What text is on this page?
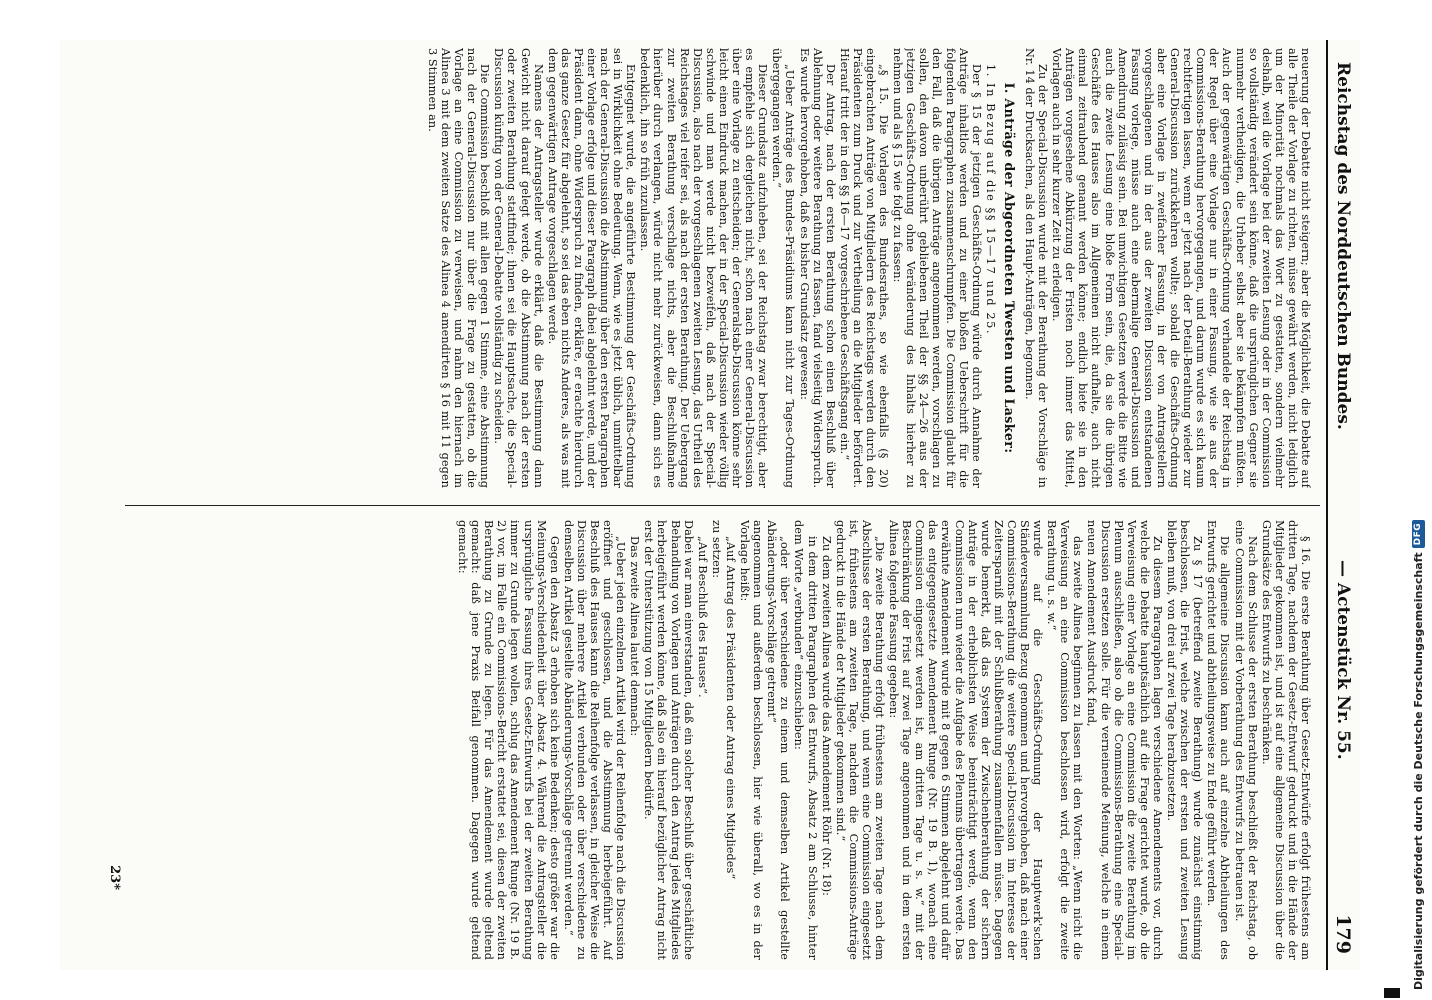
Reichstag des Norddeutschen Bundes.
— Actenstück Nr. 55.
179

neuerung der Debatte nicht steigern; aber die Möglichkeit, die Debatte auf alle Theile der Vorlage zu richten, müsse gewährt werden, nicht lediglich um der Minorität nochmals das Wort zu gestatten, sondern vielmehr deshalb, weil die Vorlage bei der zweiten Lesung oder in der Commission so vollständig verändert sein könne, daß die ursprünglichen Gegner sie nunmehr vertheidigen, die Urheber selbst aber sie bekämpfen müßten. Auch der gegenwärtigen Geschäfts-Ordnung verhandele der Reichstag in der Regel über eine Vorlage nur in einer Fassung, wie sie aus der Commissions-Berathung hervorgegangen, und darum wurde es sich kaum rechtfertigen lassen, wenn er jetzt nach der Detail-Berathung wieder zur General-Discussion zurückkehren wollte; sobald die Geschäfts-Ordnung aber eine Vorlage in zweifacher Fassung, in der von Antragstellern vorgeschlagenen und in der aus der zweiten Discussion entstandenen Fassung vorlege, müsse auch eine abermalige General-Discussion und Amendirung zulässig sein. Bei umwichtigen Gesetzen werde die Bitte wie auch die zweite Lesung eine bloße Form sein, die, da sie die übrigen Geschäfte des Hauses also im Allgemeinen nicht aufhalte, auch nicht einmal zeitraubend genannt werden könne; endlich biete sie in den Anträgen vorgesehene Abkürzung der Fristen noch immer das Mittel, Vorlagen auch in sehr kurzer Zeit zu erledigen.

Zu der Special-Discussion wurde mit der Berathung der Vorschläge in Nr. 14 der Drucksachen, als den Haupt-Anträgen, begonnen.

I. Anträge der Abgeordneten Twesten und Lasker:

1. In Bezug auf die §§ 15—17 und 25.

Der § 15 der jetzigen Geschäfts-Ordnung würde durch Annahme der Anträge inhaltlos werden und zu einer bloßen Ueberschrift für die folgenden Paragraphen zusammenschrumpfen. Die Commission glaubt für den Fall, daß die übrigen Anträge angenommen werden, vorschlagen zu sollen, den davon unberührt gebliebenen Theil der §§ 24—26 aus der jetzigen Geschäfts-Ordnung ohne Veränderung des Inhalts hierher zu nehmen und als § 15 wie folgt zu fassen:

„§ 15. Die Vorlagen des Bundesrathes, so wie ebenfalls (§ 20) eingebrachten Anträge von Mitgliedern des Reichstags werden durch den Präsidenten zum Druck und zur Vertheilung an die Mitglieder befördert. Hierauf tritt der in den §§ 16—17 vorgeschriebene Geschäftsgang ein.“

Der Antrag, nach der ersten Berathung schon einen Beschluß über Ablehnung oder weitere Berathung zu fassen, fand vielseitig Widerspruch. Es wurde hervorgehoben, daß es bisher Grundsatz gewesen:

„Ueber Anträge des Bundes-Präsidiums kann nicht zur Tages-Ordnung übergegangen werden.“

Dieser Grundsatz aufzuheben, sei der Reichstag zwar berechtigt, aber es empfehle sich dergleichen nicht, schon nach einer General-Discussion über eine Vorlage zu entscheiden; der Generalstab-Discussion könne sehr leicht einen Eindruck machen, der in der Special-Discussion wieder völlig schwinde und man werde nicht bezweifeln, daß nach der Special-Discussion, also nach der vorgeschlagenen zweiten Lesung, das Urtheil des Reichstages viel reifer sei, als nach der ersten Berathung. Der Uebergang zur zweiten Berathung verschlage nichts, aber die Beschlußnahme hierüber durch verlangen, würde nicht mehr zurückweisen, dann sich es bedenklich, ihn so früh zuzulassen.

Entgegnet wurde, die angeführte Bestimmung der Geschäfts-Ordnung sei in Wirklichkeit ohne Bedeutung. Wenn, wie es jetzt üblich, unmittelbar nach der General-Discussion die Abstimmung über den ersten Paragraphen einer Vorlage erfolge und dieser Paragraph dabei abgelehnt werde, und der Präsident dann, ohne Widerspruch zu finden, erkläre, er erachte hierdurch das ganze Gesetz für abgelehnt, so sei das eben nichts Anderes, als was mit dem gegenwärtigen Antrage vorgeschlagen werde.

Namens der Antragsteller wurde erklärt, daß die Bestimmung dann Gewicht nicht darauf gelegt werde, ob die Abstimmung nach der ersten oder zweiten Berathung stattfinde; ihnen sei die Hauptsache, die Special-Discussion künftig von der General-Debatte vollständig zu scheiden.

Die Commission beschloß mit allen gegen 1 Stimme, eine Abstimmung nach der General-Discussion nur über die Frage zu gestatten, ob die Vorlage an eine Commission zu verweisen, und nahm den hiernach im Alinea 3 mit dem zweiten Satze des Alinea 4 amendirten § 16 mit 11 gegen 3 Stimmen an.

§ 16. Die erste Berathung über Gesetz-Entwürfe erfolgt frühestens am dritten Tage, nachdem der Gesetz-Entwurf gedruckt und in die Hände der Mitglieder gekommen ist, und ist auf eine allgemeine Discussion über die Grundsätze des Entwurfs zu beschränken.

Nach dem Schlusse der ersten Berathung beschließt der Reichstag, ob eine Commission mit der Vorberathung des Entwurfs zu betrauen ist.

Die allgemeine Discussion kann auch auf einzelne Abtheilungen des Entwurfs gerichtet und abtheilungsweise zu Ende geführt werden.

Zu § 17 (betreffend zweite Berathung) wurde zunächst einstimmig beschlossen, die Frist, welche zwischen der ersten und zweiten Lesung bleiben muß, von drei auf zwei Tage herabzusetzen.

Zu diesem Paragraphen lagen verschiedene Amendements vor, durch welche die Debatte hauptsächlich auf die Frage gerichtet wurde, ob die Verweisung einer Vorlage an eine Commission die zweite Berathung im Plenum ausschließen, also ob die Commissions-Berathung eine Special-Discussion ersetzen solle. Für die verneinende Meinung, welche in einem neuen Amendement Ausdruck fand,

das zweite Alinea beginnen zu lassen mit den Worten: „Wenn nicht die Verweisung an eine Commission beschlossen wird, erfolgt die zweite Berathung u. s. w.“

wurde auf die Geschäfts-Ordnung der Hauptwerk'schen Ständeversammlung Bezug genommen und hervorgehoben, daß nach einer Commissions-Berathung die weitere Special-Discussion im Interesse der Zeitersparniß mit der Schlußberathung zusammenfallen müsse. Dagegen wurde bemerkt, daß das System der Zwischenberathung der sichern Anträge in der erheblichsten Weise beeinträchtigt werde, wenn den Commissionen nun wieder die Aufgabe des Plenums übertragen werde. Das erwähnte Amendement wurde mit 8 gegen 6 Stimmen abgelehnt und dafür das entgegengesetzte Amendement Runge (Nr. 19 B. 1), wonach eine Commission eingesetzt werden ist, am dritten Tage u. s. w.“ mit der Beschränkung der Frist auf zwei Tage angenommen und in dem ersten Alinea folgende Fassung gegeben:

„Die zweite Berathung erfolgt frühestens am zweiten Tage nach dem Abschlusse der ersten Berathung, und wenn eine Commission eingesetzt ist, frühestens am zweiten Tage, nachdem die Commissions-Anträge gedruckt in die Hände der Mitglieder gekommen sind.“

Zu dem zweiten Alinea wurde das Amendement Röhr (Nr. 18):

in dem dritten Paragraphen des Entwurfs, Absatz 2 am Schlusse, hinter dem Worte „verbunden“ einzuschieben:

„oder über verschiedene zu einem und demselben Artikel gestellte Abänderungs-Vorschläge getrennt“

angenommen und außerdem beschlossen, hier wie überall, wo es in der Vorlage heißt:

„Auf Antrag des Präsidenten oder Antrag eines Mitgliedes“

zu setzen:

„Auf Beschluß des Hauses“.

Dabei war man einverstanden, daß ein solcher Beschluß über geschäftliche Behandlung von Vorlagen und Anträgen durch den Antrag jedes Mitgliedes herbeigeführt werden könne, daß also ein hierauf bezüglicher Antrag nicht erst der Unterstützung von 15 Mitgliedern bedürfe.

Das zweite Alinea lautet demnach:

„Ueber jeden einzelnen Artikel wird der Reihenfolge nach die Discussion eröffnet und geschlossen, und die Abstimmung herbeigeführt. Auf Beschluß des Hauses kann die Reihenfolge verlassen, in gleicher Weise die Discussion über mehrere Artikel verbunden oder über verschiedene zu demselben Artikel gestellte Abänderungs-Vorschläge getrennt werden.“

Gegen den Absatz 3 erhoben sich keine Bedenken; desto größer war die Meinungs-Verschiedenheit über Absatz 4. Während die Antragsteller die ursprüngliche Fassung ihres Gesetz-Entwurfs bei der zweiten Berathung immer zu Grunde legen wollen, schlug das Amendement Runge (Nr. 19 B. 2) vor, im Falle ein Commissions-Bericht erstattet sei, diesen der zweiten Berathung zu Grunde zu legen. Für das Amendement wurde geltend gemacht: daß jene Praxis Beifall genommen. Dagegen wurde geltend gemacht:

23*	Digitalisierung gefördert durch die Deutsche Forschungsgemeinschaft
DFG
